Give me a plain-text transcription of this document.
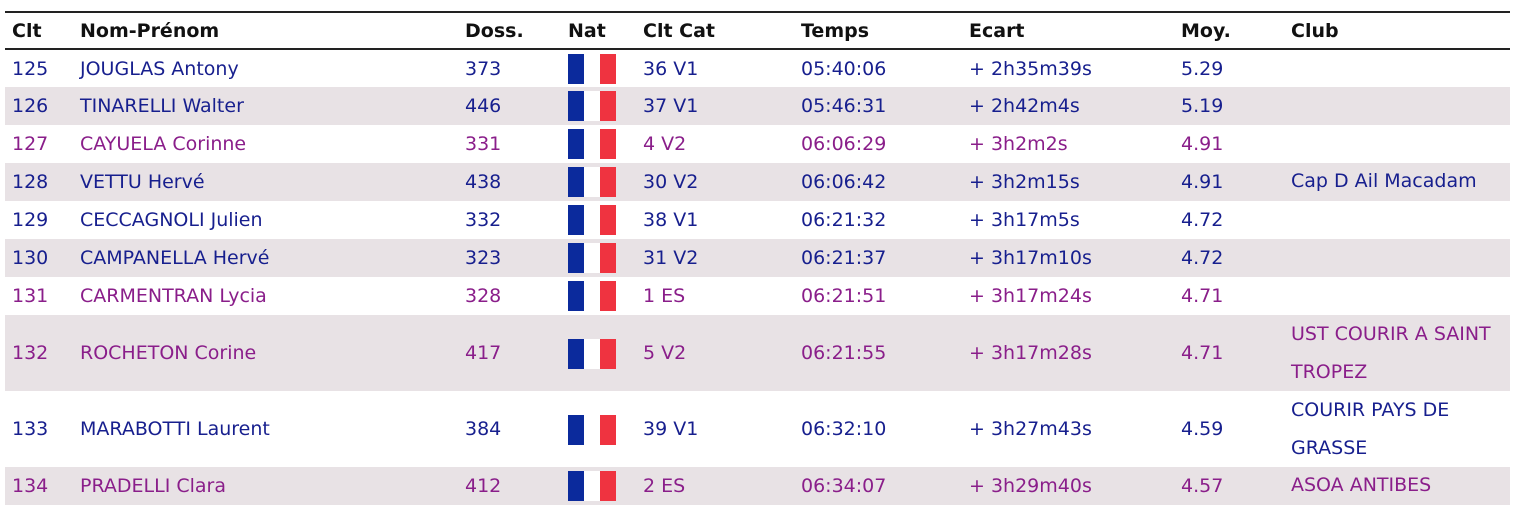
Clt	Nom-Prénom	Doss.	Nat	Clt Cat	Temps	Ecart	Moy.	Club
125	JOUGLAS Antony	373		36 V1	05:40:06	+ 2h35m39s	5.29	
126	TINARELLI Walter	446		37 V1	05:46:31	+ 2h42m4s	5.19	
127	CAYUELA Corinne	331		4 V2	06:06:29	+ 3h2m2s	4.91	
128	VETTU Hervé	438		30 V2	06:06:42	+ 3h2m15s	4.91	Cap D Ail Macadam
129	CECCAGNOLI Julien	332		38 V1	06:21:32	+ 3h17m5s	4.72	
130	CAMPANELLA Hervé	323		31 V2	06:21:37	+ 3h17m10s	4.72	
131	CARMENTRAN Lycia	328		1 ES	06:21:51	+ 3h17m24s	4.71	
132	ROCHETON Corine	417		5 V2	06:21:55	+ 3h17m28s	4.71	UST COURIR A SAINT TROPEZ
133	MARABOTTI Laurent	384		39 V1	06:32:10	+ 3h27m43s	4.59	COURIR PAYS DE GRASSE
134	PRADELLI Clara	412		2 ES	06:34:07	+ 3h29m40s	4.57	ASOA ANTIBES
